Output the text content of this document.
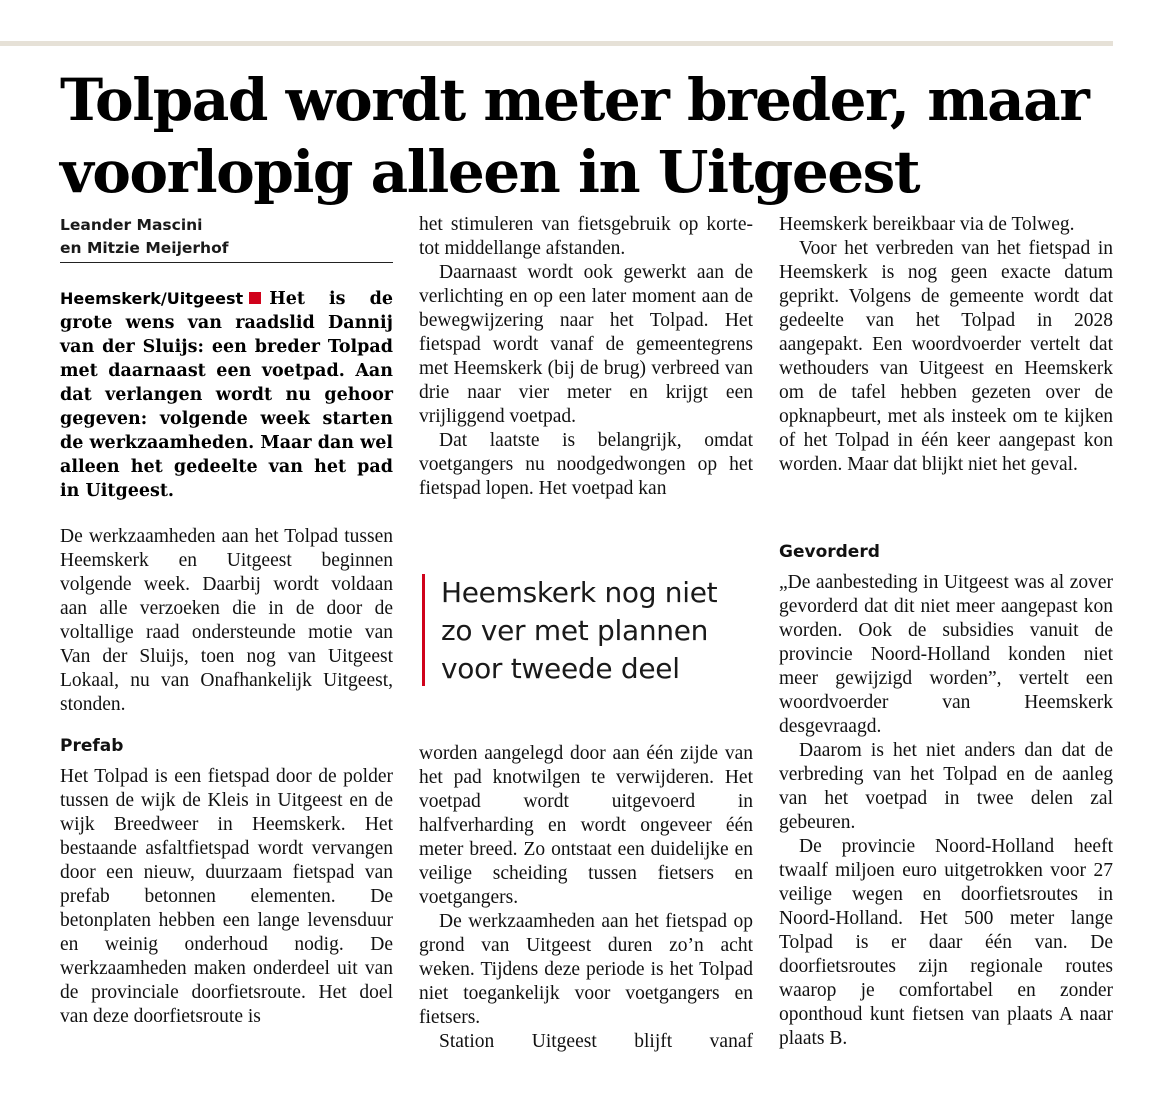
Tolpad wordt meter breder, maar
voorlopig alleen in Uitgeest
Leander Mascini
en Mitzie Meijerhof

Heemskerk/Uitgeest Het is de grote wens van raadslid Dannij van der Sluijs: een breder Tolpad met daarnaast een voetpad. Aan dat verlangen wordt nu gehoor gegeven: volgende week starten de werkzaamheden. Maar dan wel alleen het gedeelte van het pad in Uitgeest.

De werkzaamheden aan het Tolpad tussen Heemskerk en Uitgeest beginnen volgende week. Daarbij wordt voldaan aan alle verzoeken die in de door de voltallige raad ondersteunde motie van Van der Sluijs, toen nog van Uitgeest Lokaal, nu van Onafhankelijk Uitgeest, stonden.

Prefab

Het Tolpad is een fietspad door de polder tussen de wijk de Kleis in Uitgeest en de wijk Breedweer in Heemskerk. Het bestaande asfaltfietspad wordt vervangen door een nieuw, duurzaam fietspad van prefab betonnen elementen. De betonplaten hebben een lange levensduur en weinig onderhoud nodig. De werkzaamheden maken onderdeel uit van de provinciale doorfietsroute. Het doel van deze doorfietsroute is

het stimuleren van fietsgebruik op korte- tot middellange afstanden.

Daarnaast wordt ook gewerkt aan de verlichting en op een later moment aan de bewegwijzering naar het Tolpad. Het fietspad wordt vanaf de gemeentegrens met Heemskerk (bij de brug) verbreed van drie naar vier meter en krijgt een vrijliggend voetpad.

Dat laatste is belangrijk, omdat voetgangers nu noodgedwongen op het fietspad lopen. Het voetpad kan

Heemskerk nog niet
zo ver met plannen
voor tweede deel

worden aangelegd door aan één zijde van het pad knotwilgen te verwijderen. Het voetpad wordt uitgevoerd in halfverharding en wordt ongeveer één meter breed. Zo ontstaat een duidelijke en veilige scheiding tussen fietsers en voetgangers.

De werkzaamheden aan het fietspad op grond van Uitgeest duren zo’n acht weken. Tijdens deze periode is het Tolpad niet toegankelijk voor voetgangers en fietsers.

Station Uitgeest blijft vanaf

Heemskerk bereikbaar via de Tolweg.

Voor het verbreden van het fietspad in Heemskerk is nog geen exacte datum geprikt. Volgens de gemeente wordt dat gedeelte van het Tolpad in 2028 aangepakt. Een woordvoerder vertelt dat wethouders van Uitgeest en Heemskerk om de tafel hebben gezeten over de opknapbeurt, met als insteek om te kijken of het Tolpad in één keer aangepast kon worden. Maar dat blijkt niet het geval.

Gevorderd

„De aanbesteding in Uitgeest was al zover gevorderd dat dit niet meer aangepast kon worden. Ook de subsidies vanuit de provincie Noord-Holland konden niet meer gewijzigd worden”, vertelt een woordvoerder van Heemskerk desgevraagd.

Daarom is het niet anders dan dat de verbreding van het Tolpad en de aanleg van het voetpad in twee delen zal gebeuren.

De provincie Noord-Holland heeft twaalf miljoen euro uitgetrokken voor 27 veilige wegen en doorfietsroutes in Noord-Holland. Het 500 meter lange Tolpad is er daar één van. De doorfietsroutes zijn regionale routes waarop je comfortabel en zonder oponthoud kunt fietsen van plaats A naar plaats B.
